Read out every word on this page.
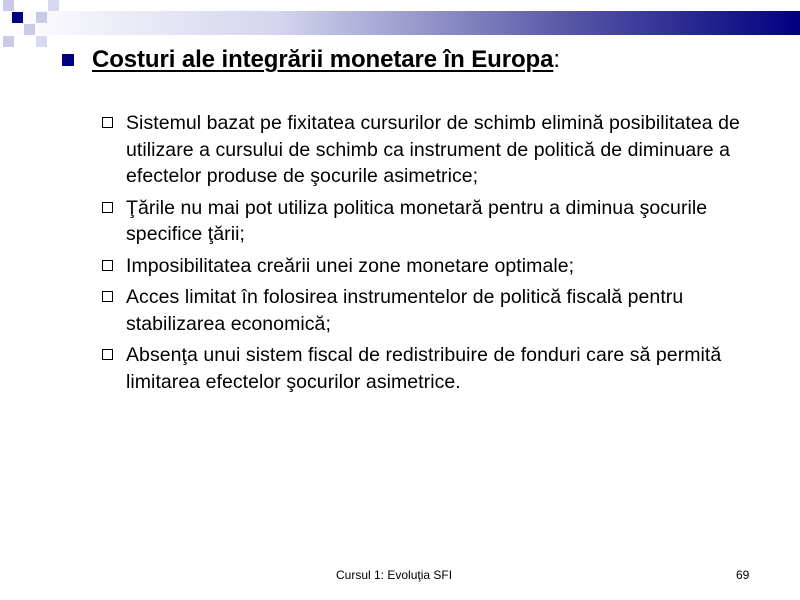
Costuri ale integrării monetare în Europa :
Sistemul bazat pe fixitatea cursurilor de schimb elimină posibilitatea de utilizare a cursului de schimb ca instrument de politică de diminuare a efectelor produse de şocurile asimetrice;
Ţările nu mai pot utiliza politica monetară pentru a diminua şocurile specifice ţării;
Imposibilitatea creării unei zone monetare optimale;
Acces limitat în folosirea instrumentelor de politică fiscală pentru stabilizarea economică;
Absenţa unui sistem fiscal de redistribuire de fonduri care să permită limitarea efectelor şocurilor asimetrice.
Cursul 1: Evoluţia SFI	69
